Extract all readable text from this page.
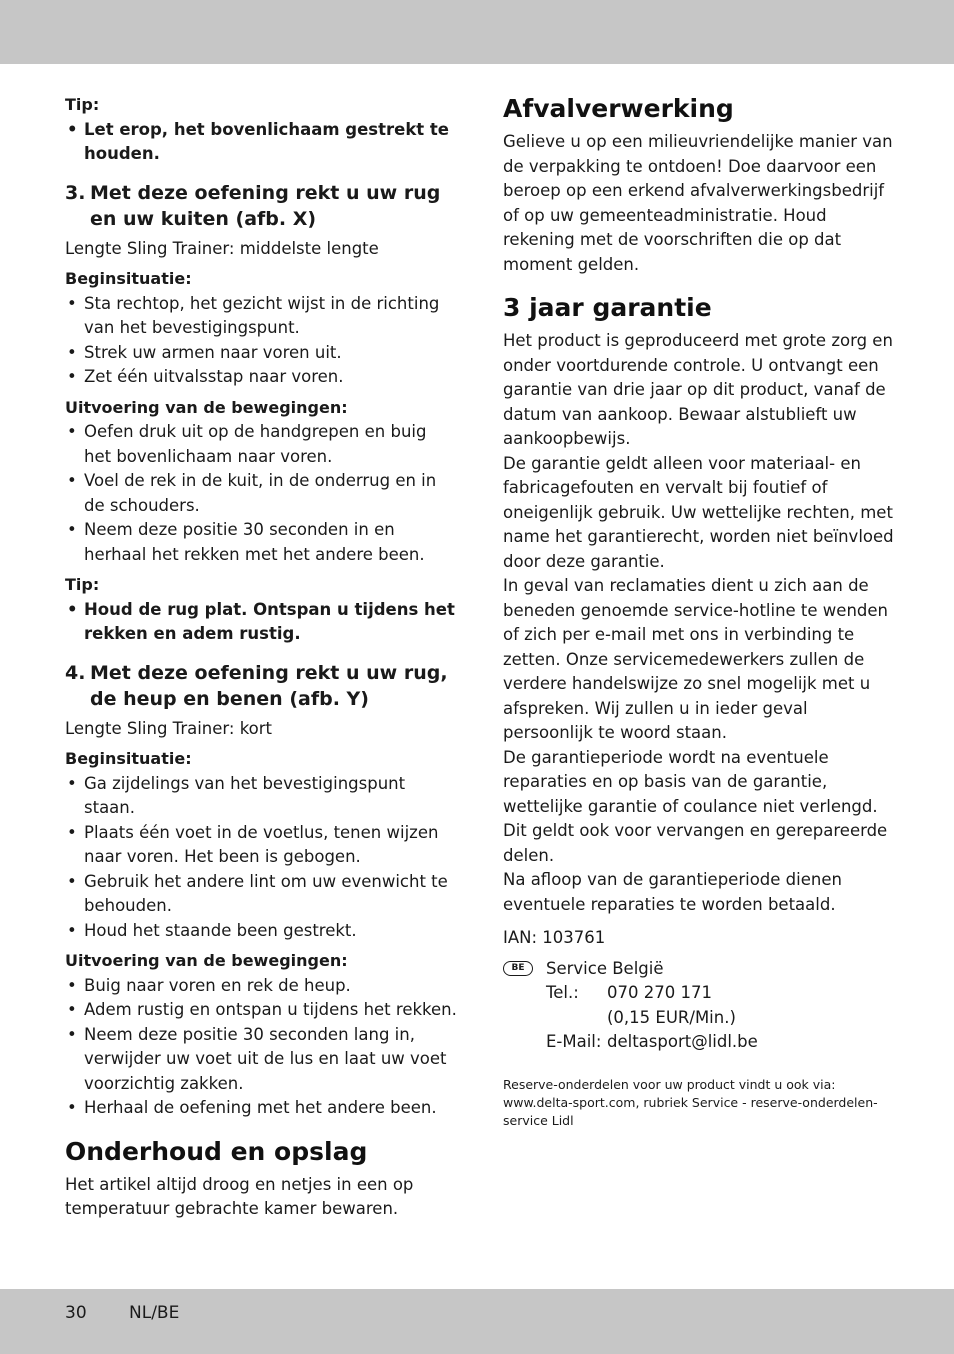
Tip:

• Let erop, het bovenlichaam gestrekt te houden.
3. Met deze oefening rekt u uw rug en uw kuiten (afb. X)

Lengte Sling Trainer: middelste lengte

Beginsituatie:

• Sta rechtop, het gezicht wijst in de richting van het bevestigingspunt.
• Strek uw armen naar voren uit.
• Zet één uitvalsstap naar voren.

Uitvoering van de bewegingen:

• Oefen druk uit op de handgrepen en buig het bovenlichaam naar voren.
• Voel de rek in de kuit, in de onderrug en in de schouders.
• Neem deze positie 30 seconden in en herhaal het rekken met het andere been.

Tip:

• Houd de rug plat. Ontspan u tijdens het rekken en adem rustig.
4. Met deze oefening rekt u uw rug, de heup en benen (afb. Y)

Lengte Sling Trainer: kort

Beginsituatie:

• Ga zijdelings van het bevestigingspunt staan.
• Plaats één voet in de voetlus, tenen wijzen naar voren. Het been is gebogen.
• Gebruik het andere lint om uw evenwicht te behouden.
• Houd het staande been gestrekt.

Uitvoering van de bewegingen:

• Buig naar voren en rek de heup.
• Adem rustig en ontspan u tijdens het rekken.
• Neem deze positie 30 seconden lang in, verwijder uw voet uit de lus en laat uw voet voorzichtig zakken.
• Herhaal de oefening met het andere been.
Onderhoud en opslag

Het artikel altijd droog en netjes in een op temperatuur gebrachte kamer bewaren.

Afvalverwerking

Gelieve u op een milieuvriendelijke manier van de verpakking te ontdoen! Doe daarvoor een beroep op een erkend afvalverwerkingsbedrijf of op uw gemeenteadministratie. Houd rekening met de voorschriften die op dat moment gelden.

3 jaar garantie

Het product is geproduceerd met grote zorg en onder voortdurende controle. U ontvangt een garantie van drie jaar op dit product, vanaf de datum van aankoop. Bewaar alstublieft uw aankoopbewijs.

De garantie geldt alleen voor materiaal- en fabricagefouten en vervalt bij foutief of oneigenlijk gebruik. Uw wettelijke rechten, met name het garantierecht, worden niet beïnvloed door deze garantie.

In geval van reclamaties dient u zich aan de beneden genoemde service-hotline te wenden of zich per e-mail met ons in verbinding te zetten. Onze servicemedewerkers zullen de verdere handelswijze zo snel mogelijk met u afspreken. Wij zullen u in ieder geval persoonlijk te woord staan.

De garantieperiode wordt na eventuele reparaties en op basis van de garantie, wettelijke garantie of coulance niet verlengd. Dit geldt ook voor vervangen en gerepareerde delen.

Na afloop van de garantieperiode dienen eventuele reparaties te worden betaald.

IAN: 103761

BE	Service België
Tel.:	070 270 171
(0,15 EUR/Min.)
E-Mail: deltasport@lidl.be

Reserve-onderdelen voor uw product vindt u ook via: www.delta-sport.com, rubriek Service - reserve-onderdelen-service Lidl

30 NL/BE
